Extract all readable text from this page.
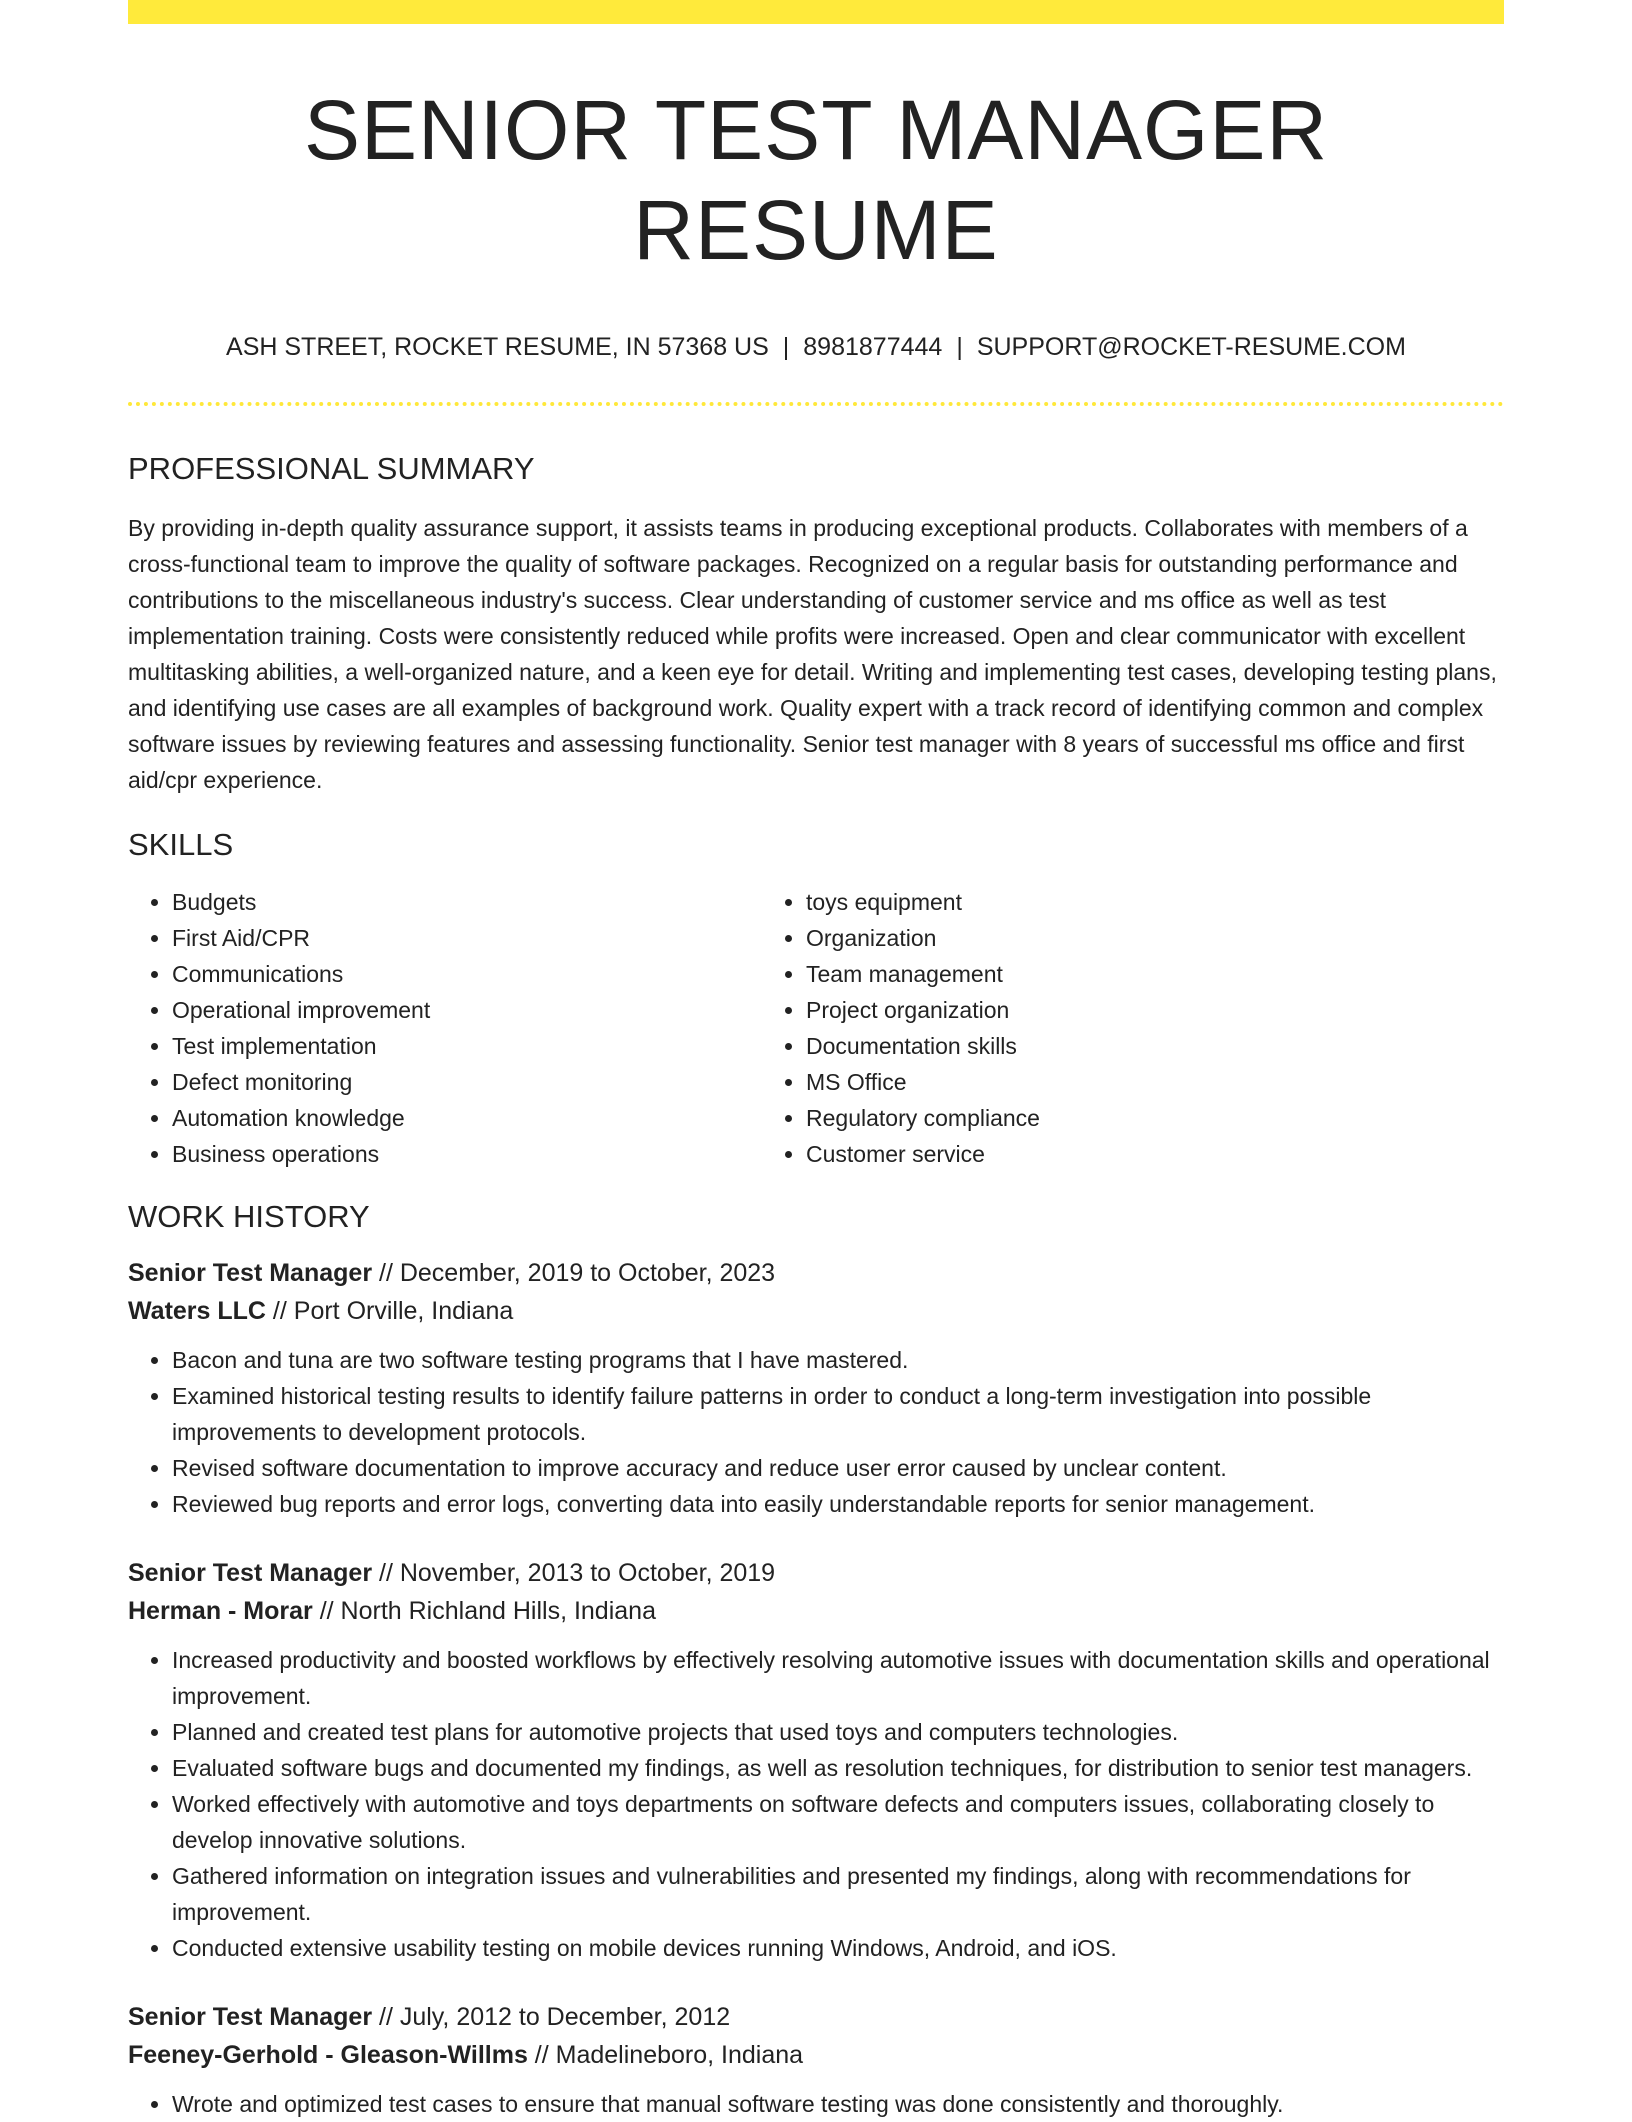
SENIOR TEST MANAGER RESUME
ASH STREET, ROCKET RESUME, IN 57368 US | 8981877444 | SUPPORT@ROCKET-RESUME.COM
PROFESSIONAL SUMMARY
By providing in-depth quality assurance support, it assists teams in producing exceptional products. Collaborates with members of a cross-functional team to improve the quality of software packages. Recognized on a regular basis for outstanding performance and contributions to the miscellaneous industry's success. Clear understanding of customer service and ms office as well as test implementation training. Costs were consistently reduced while profits were increased. Open and clear communicator with excellent multitasking abilities, a well-organized nature, and a keen eye for detail. Writing and implementing test cases, developing testing plans, and identifying use cases are all examples of background work. Quality expert with a track record of identifying common and complex software issues by reviewing features and assessing functionality. Senior test manager with 8 years of successful ms office and first aid/cpr experience.
SKILLS
• Budgets
• First Aid/CPR
• Communications
• Operational improvement
• Test implementation
• Defect monitoring
• Automation knowledge
• Business operations
• toys equipment
• Organization
• Team management
• Project organization
• Documentation skills
• MS Office
• Regulatory compliance
• Customer service
WORK HISTORY
Senior Test Manager // December, 2019 to October, 2023
Waters LLC // Port Orville, Indiana
• Bacon and tuna are two software testing programs that I have mastered.
• Examined historical testing results to identify failure patterns in order to conduct a long-term investigation into possible improvements to development protocols.
• Revised software documentation to improve accuracy and reduce user error caused by unclear content.
• Reviewed bug reports and error logs, converting data into easily understandable reports for senior management.
Senior Test Manager // November, 2013 to October, 2019
Herman - Morar // North Richland Hills, Indiana
• Increased productivity and boosted workflows by effectively resolving automotive issues with documentation skills and operational improvement.
• Planned and created test plans for automotive projects that used toys and computers technologies.
• Evaluated software bugs and documented my findings, as well as resolution techniques, for distribution to senior test managers.
• Worked effectively with automotive and toys departments on software defects and computers issues, collaborating closely to develop innovative solutions.
• Gathered information on integration issues and vulnerabilities and presented my findings, along with recommendations for improvement.
• Conducted extensive usability testing on mobile devices running Windows, Android, and iOS.
Senior Test Manager // July, 2012 to December, 2012
Feeney-Gerhold - Gleason-Willms // Madelineboro, Indiana
• Wrote and optimized test cases to ensure that manual software testing was done consistently and thoroughly.
